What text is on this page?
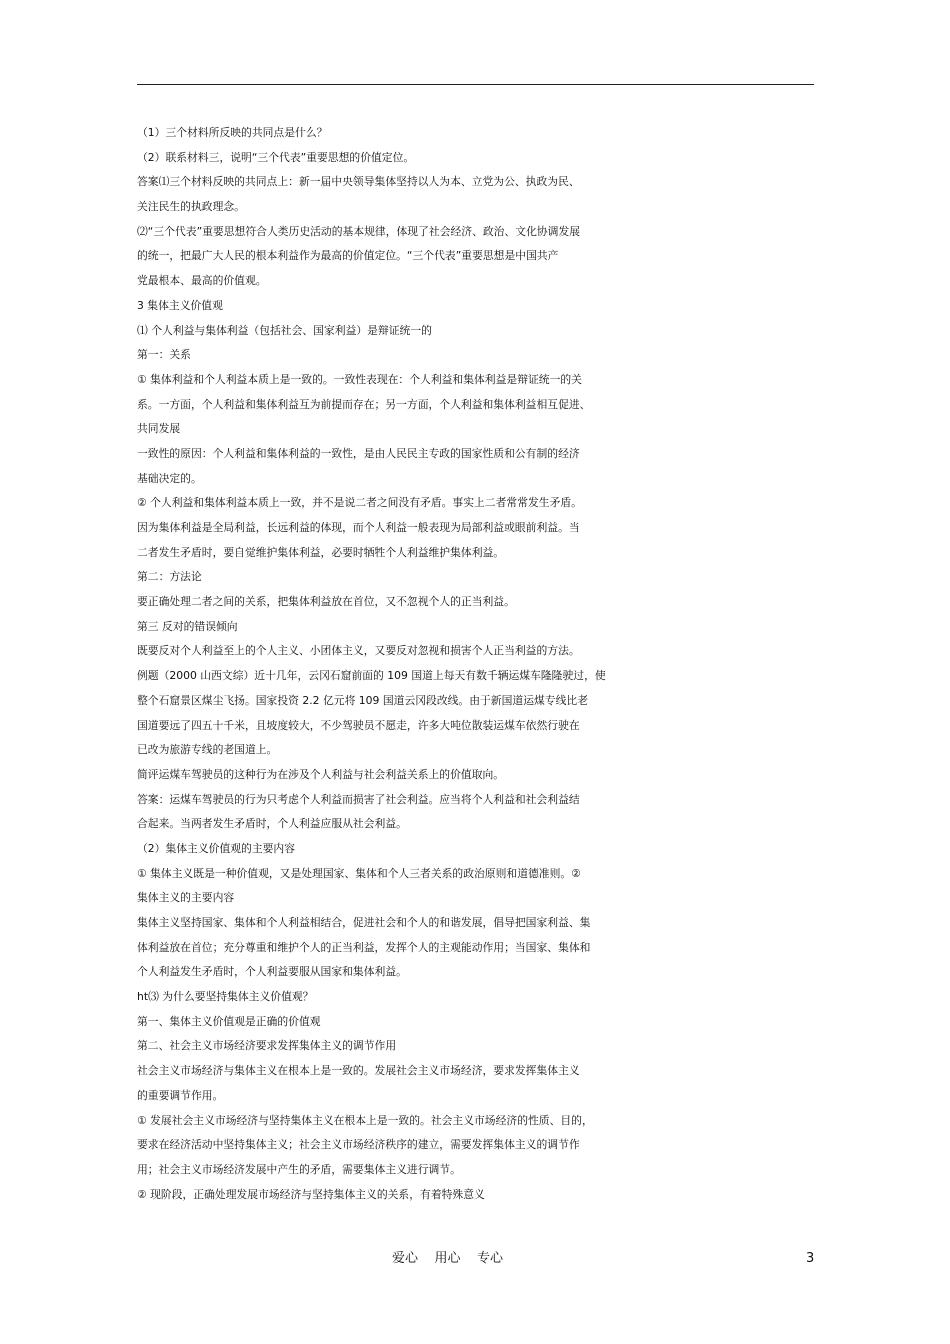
（1）三个材料所反映的共同点是什么？
（2）联系材料三，说明“三个代表”重要思想的价值定位。
答案⑴三个材料反映的共同点上：新一届中央领导集体坚持以人为本、立党为公、执政为民、
关注民生的执政理念。
⑵“三个代表”重要思想符合人类历史活动的基本规律，体现了社会经济、政治、文化协调发展
的统一，把最广大人民的根本利益作为最高的价值定位。“三个代表”重要思想是中国共产
党最根本、最高的价值观。
3 集体主义价值观
⑴ 个人利益与集体利益（包括社会、国家利益）是辩证统一的
第一：关系
① 集体利益和个人利益本质上是一致的。一致性表现在：个人利益和集体利益是辩证统一的关
系。一方面，个人利益和集体利益互为前提而存在；另一方面，个人利益和集体利益相互促进、
共同发展
一致性的原因：个人利益和集体利益的一致性，是由人民民主专政的国家性质和公有制的经济
基础决定的。
② 个人利益和集体利益本质上一致，并不是说二者之间没有矛盾。事实上二者常常发生矛盾。
因为集体利益是全局利益，长远利益的体现，而个人利益一般表现为局部利益或眼前利益。当
二者发生矛盾时，要自觉维护集体利益，必要时牺牲个人利益维护集体利益。
第二：方法论
要正确处理二者之间的关系，把集体利益放在首位，又不忽视个人的正当利益。
第三 反对的错误倾向
既要反对个人利益至上的个人主义、小团体主义，又要反对忽视和损害个人正当利益的方法。
例题（2000 山西文综）近十几年，云冈石窟前面的 109 国道上每天有数千辆运煤车隆隆驶过，使
整个石窟景区煤尘飞扬。国家投资 2.2 亿元将 109 国道云冈段改线。由于新国道运煤专线比老
国道要远了四五十千米，且坡度较大，不少驾驶员不愿走，许多大吨位散装运煤车依然行驶在
已改为旅游专线的老国道上。
简评运煤车驾驶员的这种行为在涉及个人利益与社会利益关系上的价值取向。
答案：运煤车驾驶员的行为只考虑个人利益而损害了社会利益。应当将个人利益和社会利益结
合起来。当两者发生矛盾时，个人利益应服从社会利益。
（2）集体主义价值观的主要内容
① 集体主义既是一种价值观，又是处理国家、集体和个人三者关系的政治原则和道德准则。②
集体主义的主要内容
集体主义坚持国家、集体和个人利益相结合，促进社会和个人的和谐发展，倡导把国家利益、集
体利益放在首位；充分尊重和维护个人的正当利益，发挥个人的主观能动作用；当国家、集体和
个人利益发生矛盾时，个人利益要服从国家和集体利益。
ht⑶ 为什么要坚持集体主义价值观？
第一、集体主义价值观是正确的价值观
第二、社会主义市场经济要求发挥集体主义的调节作用
社会主义市场经济与集体主义在根本上是一致的。发展社会主义市场经济，要求发挥集体主义
的重要调节作用。
① 发展社会主义市场经济与坚持集体主义在根本上是一致的。社会主义市场经济的性质、目的，
要求在经济活动中坚持集体主义；社会主义市场经济秩序的建立，需要发挥集体主义的调节作
用；社会主义市场经济发展中产生的矛盾，需要集体主义进行调节。
② 现阶段，正确处理发展市场经济与坚持集体主义的关系，有着特殊意义
爱心    用心    专心	3
